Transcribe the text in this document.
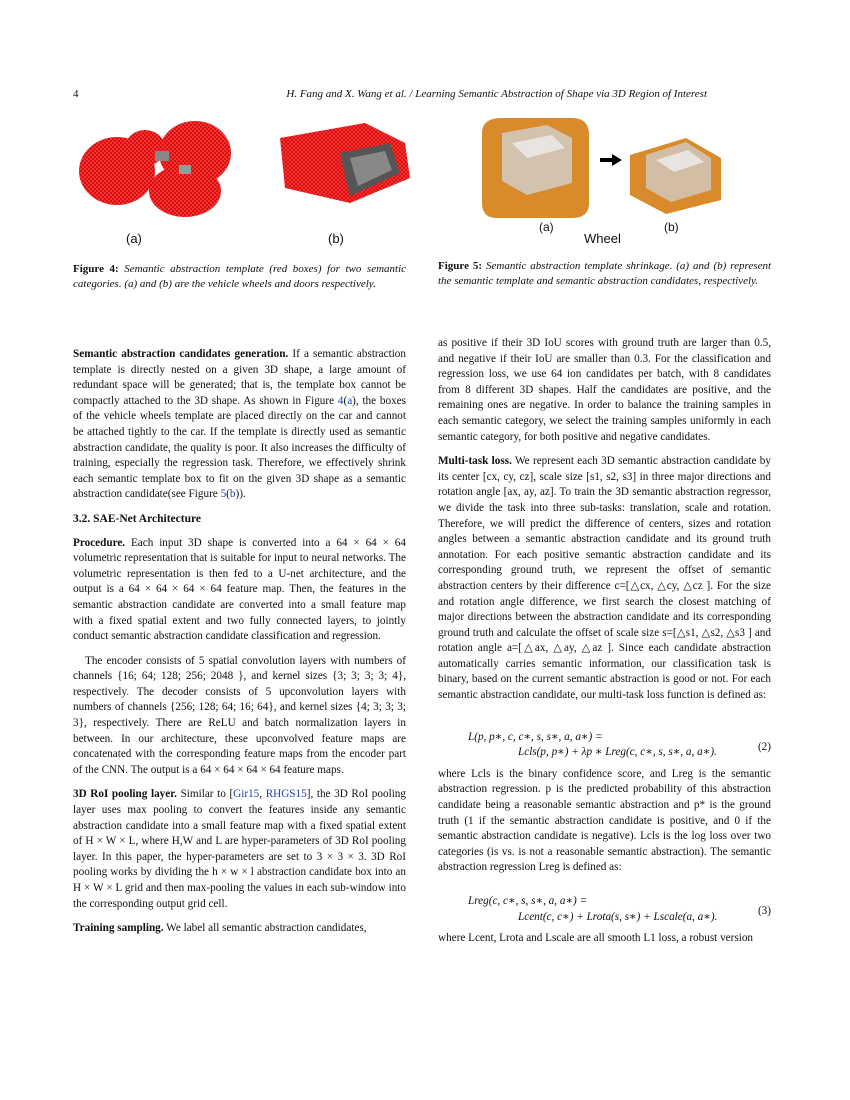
4	H. Fang and X. Wang et al. / Learning Semantic Abstraction of Shape via 3D Region of Interest
(a)	(b)
Figure 4: Semantic abstraction template (red boxes) for two semantic categories. (a) and (b) are the vehicle wheels and doors respectively.
(a)	(b)
Wheel
Figure 5: Semantic abstraction template shrinkage. (a) and (b) represent the semantic template and semantic abstraction candidates, respectively.

Semantic abstraction candidates generation. If a semantic abstraction template is directly nested on a given 3D shape, a large amount of redundant space will be generated; that is, the template box cannot be compactly attached to the 3D shape. As shown in Figure 4(a), the boxes of the vehicle wheels template are placed directly on the car and cannot be attached tightly to the car. If the template is directly used as semantic abstraction candidate, the quality is poor. It also increases the difficulty of training, especially the regression task. Therefore, we effectively shrink each semantic template box to fit on the given 3D shape as a semantic abstraction candidate(see Figure 5(b)).

3.2. SAE-Net Architecture

Procedure. Each input 3D shape is converted into a 64 × 64 × 64 volumetric representation that is suitable for input to neural networks. The volumetric representation is then fed to a U-net architecture, and the output is a 64 × 64 × 64 × 64 feature map. Then, the features in the semantic abstraction candidate are converted into a small feature map with a fixed spatial extent and two fully connected layers, to jointly conduct semantic abstraction candidate classification and regression.

The encoder consists of 5 spatial convolution layers with numbers of channels {16; 64; 128; 256; 2048 }, and kernel sizes {3; 3; 3; 3; 4}, respectively. The decoder consists of 5 upconvolution layers with numbers of channels {256; 128; 64; 16; 64}, and kernel sizes {4; 3; 3; 3; 3}, respectively. There are ReLU and batch normalization layers in between. In our architecture, these upconvolved feature maps are concatenated with the corresponding feature maps from the encoder part of the CNN. The output is a 64 × 64 × 64 × 64 feature maps.

3D RoI pooling layer. Similar to [Gir15, RHGS15], the 3D RoI pooling layer uses max pooling to convert the features inside any semantic abstraction candidate into a small feature map with a fixed spatial extent of H × W × L, where H,W and L are hyper-parameters of 3D RoI pooling layer. In this paper, the hyper-parameters are set to 3 × 3 × 3. 3D RoI pooling works by dividing the h × w × l abstraction candidate box into an H × W × L grid and then max-pooling the values in each sub-window into the corresponding output grid cell.

Training sampling. We label all semantic abstraction candidates,

as positive if their 3D IoU scores with ground truth are larger than 0.5, and negative if their IoU are smaller than 0.3. For the classification and regression loss, we use 64 ion candidates per batch, with 8 candidates from 8 different 3D shapes. Half the candidates are positive, and the remaining ones are negative. In order to balance the training samples in each semantic category, we select the training samples uniformly in each semantic category, for both positive and negative candidates.

Multi-task loss. We represent each 3D semantic abstraction candidate by its center [cx, cy, cz], scale size [s1, s2, s3] in three major directions and rotation angle [ax, ay, az]. To train the 3D semantic abstraction regressor, we divide the task into three sub-tasks: translation, scale and rotation. Therefore, we will predict the difference of centers, sizes and rotation angles between a semantic abstraction candidate and its ground truth annotation. For each positive semantic abstraction candidate and its corresponding ground truth, we represent the offset of semantic abstraction centers by their difference c=[△cx, △cy, △cz ]. For the size and rotation angle difference, we first search the closest matching of major directions between the abstraction candidate and its corresponding ground truth and calculate the offset of scale size s=[△s1, △s2, △s3 ] and rotation angle a=[△ax, △ay, △az ]. Since each candidate abstraction automatically carries semantic information, our classification task is binary, based on the current semantic abstraction is good or not. For each semantic abstraction candidate, our multi-task loss function is defined as:

L(p, p∗, c, c∗, s, s∗, a, a∗) =
Lcls(p, p∗) + λp ∗ Lreg(c, c∗, s, s∗, a, a∗).	(2)

where Lcls is the binary confidence score, and Lreg is the semantic abstraction regression. p is the predicted probability of this abstraction candidate being a reasonable semantic abstraction and p* is the ground truth (1 if the semantic abstraction candidate is positive, and 0 if the semantic abstraction candidate is negative). Lcls is the log loss over two categories (is vs. is not a reasonable semantic abstraction). The semantic abstraction regression Lreg is defined as:

Lreg(c, c∗, s, s∗, a, a∗) =
Lcent(c, c∗) + Lrota(s, s∗) + Lscale(a, a∗).	(3)

where Lcent, Lrota and Lscale are all smooth L1 loss, a robust version
